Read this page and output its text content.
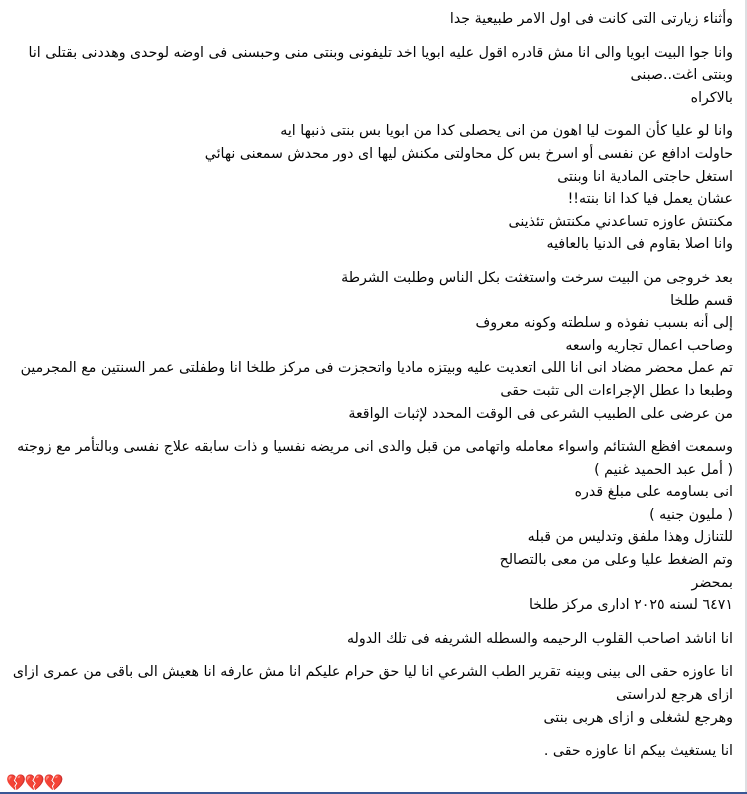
وأثناء زيارتى التى كانت فى اول الامر طبيعية جدا
وانا جوا البيت ابويا والى انا مش قادره اقول عليه ابويا اخد تليفونى وبنتى منى وحبسنى فى اوضه لوحدى وهددنى بقتلى انا وبنتى اغت..صبنى
بالاكراه
وانا لو عليا كأن الموت ليا اهون من انى يحصلى كدا من ابويا بس بنتى ذنبها ايه
حاولت ادافع عن نفسى أو اسرخ بس كل محاولتى مكنش ليها اى دور محدش سمعنى نهائي
استغل حاجتى المادية انا وبنتى
عشان يعمل فيا كدا انا بنته!!
مكنتش عاوزه تساعدني مكنتش تئذينى
وانا اصلا بقاوم فى الدنيا بالعافيه
بعد خروجى من البيت سرخت واستغثت بكل الناس وطلبت الشرطة
قسم طلخا
إلى أنه بسبب نفوذه و سلطته وكونه معروف
وصاحب اعمال تجاريه واسعه
تم عمل محضر مضاد انى انا اللى اتعديت عليه وبيتزه ماديا واتحجزت فى مركز طلخا انا وطفلتى عمر السنتين مع المجرمين وطبعا دا عطل الإجراءات الى تثبت حقى
من عرضى على الطبيب الشرعى فى الوقت المحدد لإثبات الواقعة
وسمعت افظع الشتائم واسواء معامله واتهامى من قبل والدى انى مريضه نفسيا و ذات سابقه علاج نفسى وبالتأمر مع زوجته
( أمل عبد الحميد غنيم )
انى بساومه على مبلغ قدره
( مليون جنيه )
للتنازل وهذا ملفق وتدليس من قبله
وتم الضغط عليا وعلى من معى بالتصالح
بمحضر
٦٤٧١ لسنه ٢٠٢٥ ادارى مركز طلخا
انا اناشد اصاحب القلوب الرحيمه والسطله الشريفه فى تلك الدوله
انا عاوزه حقى الى بينى وبينه تقرير الطب الشرعي انا ليا حق حرام عليكم انا مش عارفه انا هعيش الى باقى من عمرى ازاى
ازاى هرجع لدراستى
وهرجع لشغلى و ازاى هربى بنتى
انا يستغيث بيكم انا عاوزه حقى .
💔💔💔
